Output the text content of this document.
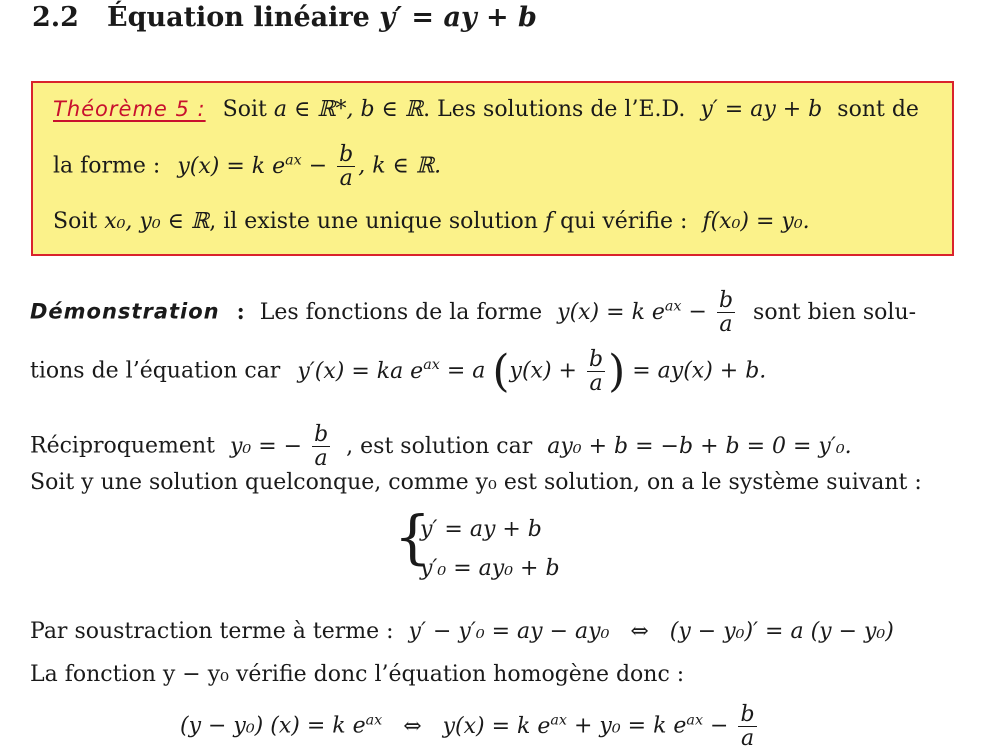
2.2 Équation linéaire y′ = ay + b
Théorème 5 : Soit a ∈ ℝ*, b ∈ ℝ. Les solutions de l’E.D. y′ = ay + b sont de
la forme : y(x) = k $e^{ax} - \frac{b}{a}$ , k ∈ ℝ.
Soit x₀, y₀ ∈ ℝ, il existe une unique solution f qui vérifie : f(x₀) = y₀.
Démonstration : Les fonctions de la forme y(x) = k $e^{ax} - \frac{b}{a}$ sont bien solu-
tions de l’équation car y′(x) = ka $e^{ax} = a$ ($y(x) + \frac{b}{a}$ ) = ay(x) + b.
Réciproquement y₀ = − $\frac{b}{a}$ , est solution car ay₀ + b = −b + b = 0 = y′₀.
Soit y une solution quelconque, comme y₀ est solution, on a le système suivant :
{
y′ = ay + b
y′₀ = ay₀ + b
Par soustraction terme à terme : y′ − y′₀ = ay − ay₀   ⇔   (y − y₀)′ = a (y − y₀)
La fonction y − y₀ vérifie donc l’équation homogène donc :
(y − y₀) (x) = k $e^{ax}$ ⇔   y(x) = k $e^{ax} + y_0 = k$ $e^{ax} - \frac{b}{a}$
